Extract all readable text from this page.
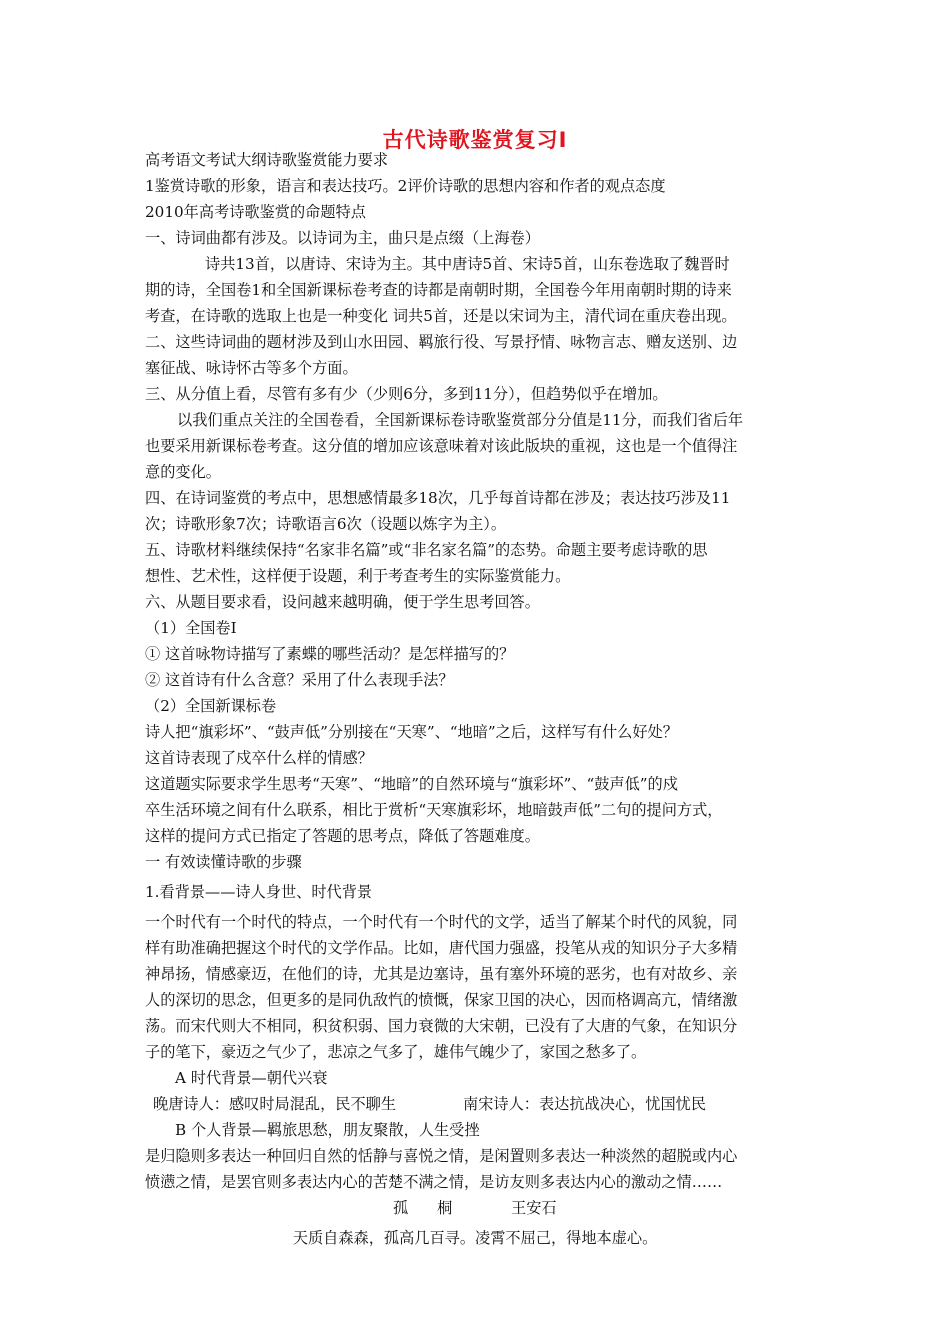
古代诗歌鉴赏复习Ⅰ
高考语文考试大纲诗歌鉴赏能力要求
1鉴赏诗歌的形象，语言和表达技巧。2评价诗歌的思想内容和作者的观点态度
2010年高考诗歌鉴赏的命题特点
一、诗词曲都有涉及。以诗词为主，曲只是点缀（上海卷）
诗共13首，以唐诗、宋诗为主。其中唐诗5首、宋诗5首，山东卷选取了魏晋时
期的诗，全国卷1和全国新课标卷考查的诗都是南朝时期，全国卷今年用南朝时期的诗来
考查，在诗歌的选取上也是一种变化 词共5首，还是以宋词为主，清代词在重庆卷出现。
二、这些诗词曲的题材涉及到山水田园、羁旅行役、写景抒情、咏物言志、赠友送别、边
塞征战、咏诗怀古等多个方面。
三、从分值上看，尽管有多有少（少则6分，多到11分），但趋势似乎在增加。
以我们重点关注的全国卷看，全国新课标卷诗歌鉴赏部分分值是11分，而我们省后年
也要采用新课标卷考查。这分值的增加应该意味着对该此版块的重视，这也是一个值得注
意的变化。
四、在诗词鉴赏的考点中，思想感情最多18次，几乎每首诗都在涉及；表达技巧涉及11
次；诗歌形象7次；诗歌语言6次（设题以炼字为主）。
五、诗歌材料继续保持“名家非名篇”或“非名家名篇”的态势。命题主要考虑诗歌的思
想性、艺术性，这样便于设题，利于考查考生的实际鉴赏能力。
六、从题目要求看，设问越来越明确，便于学生思考回答。
（1）全国卷Ⅰ
① 这首咏物诗描写了素蝶的哪些活动？是怎样描写的？
② 这首诗有什么含意？采用了什么表现手法？
（2）全国新课标卷
诗人把“旗彩坏”、“鼓声低”分别接在“天寒”、“地暗”之后，这样写有什么好处？
这首诗表现了戍卒什么样的情感？
这道题实际要求学生思考“天寒”、“地暗”的自然环境与“旗彩坏”、“鼓声低”的戍
卒生活环境之间有什么联系，相比于赏析“天寒旗彩坏，地暗鼓声低”二句的提问方式，
这样的提问方式已指定了答题的思考点，降低了答题难度。
一 有效读懂诗歌的步骤
1.看背景——诗人身世、时代背景
一个时代有一个时代的特点，一个时代有一个时代的文学，适当了解某个时代的风貌，同
样有助准确把握这个时代的文学作品。比如，唐代国力强盛，投笔从戎的知识分子大多精
神昂扬，情感豪迈，在他们的诗，尤其是边塞诗，虽有塞外环境的恶劣，也有对故乡、亲
人的深切的思念，但更多的是同仇敌忾的愤慨，保家卫国的决心，因而格调高亢，情绪激
荡。而宋代则大不相同，积贫积弱、国力衰微的大宋朝，已没有了大唐的气象，在知识分
子的笔下，豪迈之气少了，悲凉之气多了，雄伟气魄少了，家国之愁多了。
A 时代背景—朝代兴衰
晚唐诗人：感叹时局混乱，民不聊生	南宋诗人：表达抗战决心，忧国忧民
B 个人背景—羁旅思愁，朋友聚散，人生受挫
是归隐则多表达一种回归自然的恬静与喜悦之情，是闲置则多表达一种淡然的超脱或内心
愤懑之情，是罢官则多表达内心的苦楚不满之情，是访友则多表达内心的激动之情……
孤      桐	王安石
天质自森森，孤高几百寻。凌霄不屈己，得地本虚心。
